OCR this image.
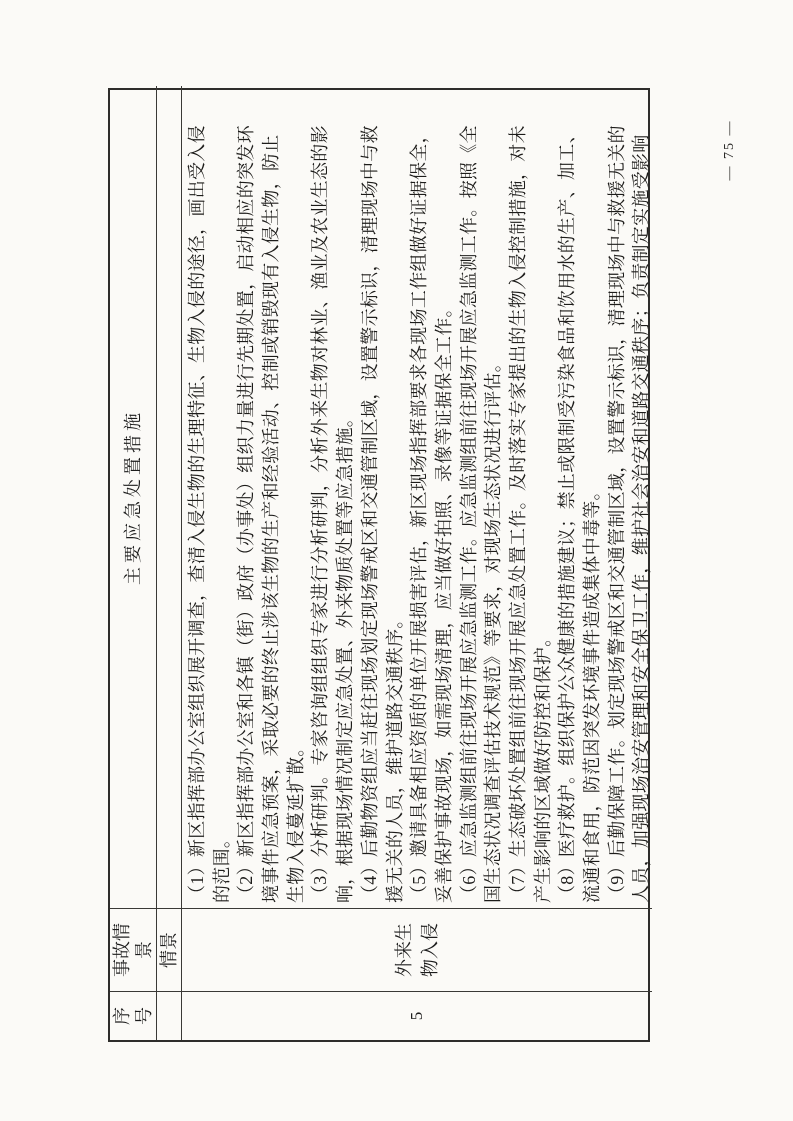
— 75 —
序号
事故情景
主要应急处置措施
情景
5
外来生物入侵
（1）新区指挥部办公室组织展开调查，查清入侵生物的生理特征、生物入侵的途径，画出受入侵 的范围。 （2）新区指挥部办公室和各镇（街）政府（办事处）组织力量进行先期处置，启动相应的突发环 境事件应急预案，采取必要的终止涉该生物的生产和经验活动、控制或销毁现有入侵生物，防止 生物入侵蔓延扩散。 （3）分析研判。专家咨询组组织专家进行分析研判，分析外来生物对林业、渔业及农业生态的影 响，根据现场情况制定应急处置、外来物质处置等应急措施。 （4）后勤物资组应当赶往现场划定现场警戒区和交通管制区域，设置警示标识，清理现场中与救 援无关的人员，维护道路交通秩序。 （5）邀请具备相应资质的单位开展损害评估，新区现场指挥部要求各现场工作组做好证据保全， 妥善保护事故现场，如需现场清理，应当做好拍照、录像等证据保全工作。 （6）应急监测组前往现场开展应急监测工作。应急监测组前往现场开展应急监测工作。按照《全 国生态状况调查评估技术规范》等要求，对现场生态状况进行评估。 （7）生态破坏处置组前往现场开展应急处置工作。及时落实专家提出的生物入侵控制措施，对未 产生影响的区域做好防控和保护。 （8）医疗救护。组织保护公众健康的措施建议；禁止或限制受污染食品和饮用水的生产、加工、 流通和食用，防范因突发环境事件造成集体中毒等。 （9）后勤保障工作。划定现场警戒区和交通管制区域，设置警示标识，清理现场中与救援无关的 人员，加强现场治安管理和安全保卫工作，维护社会治安和道路交通秩序；负责制定实施受影响
